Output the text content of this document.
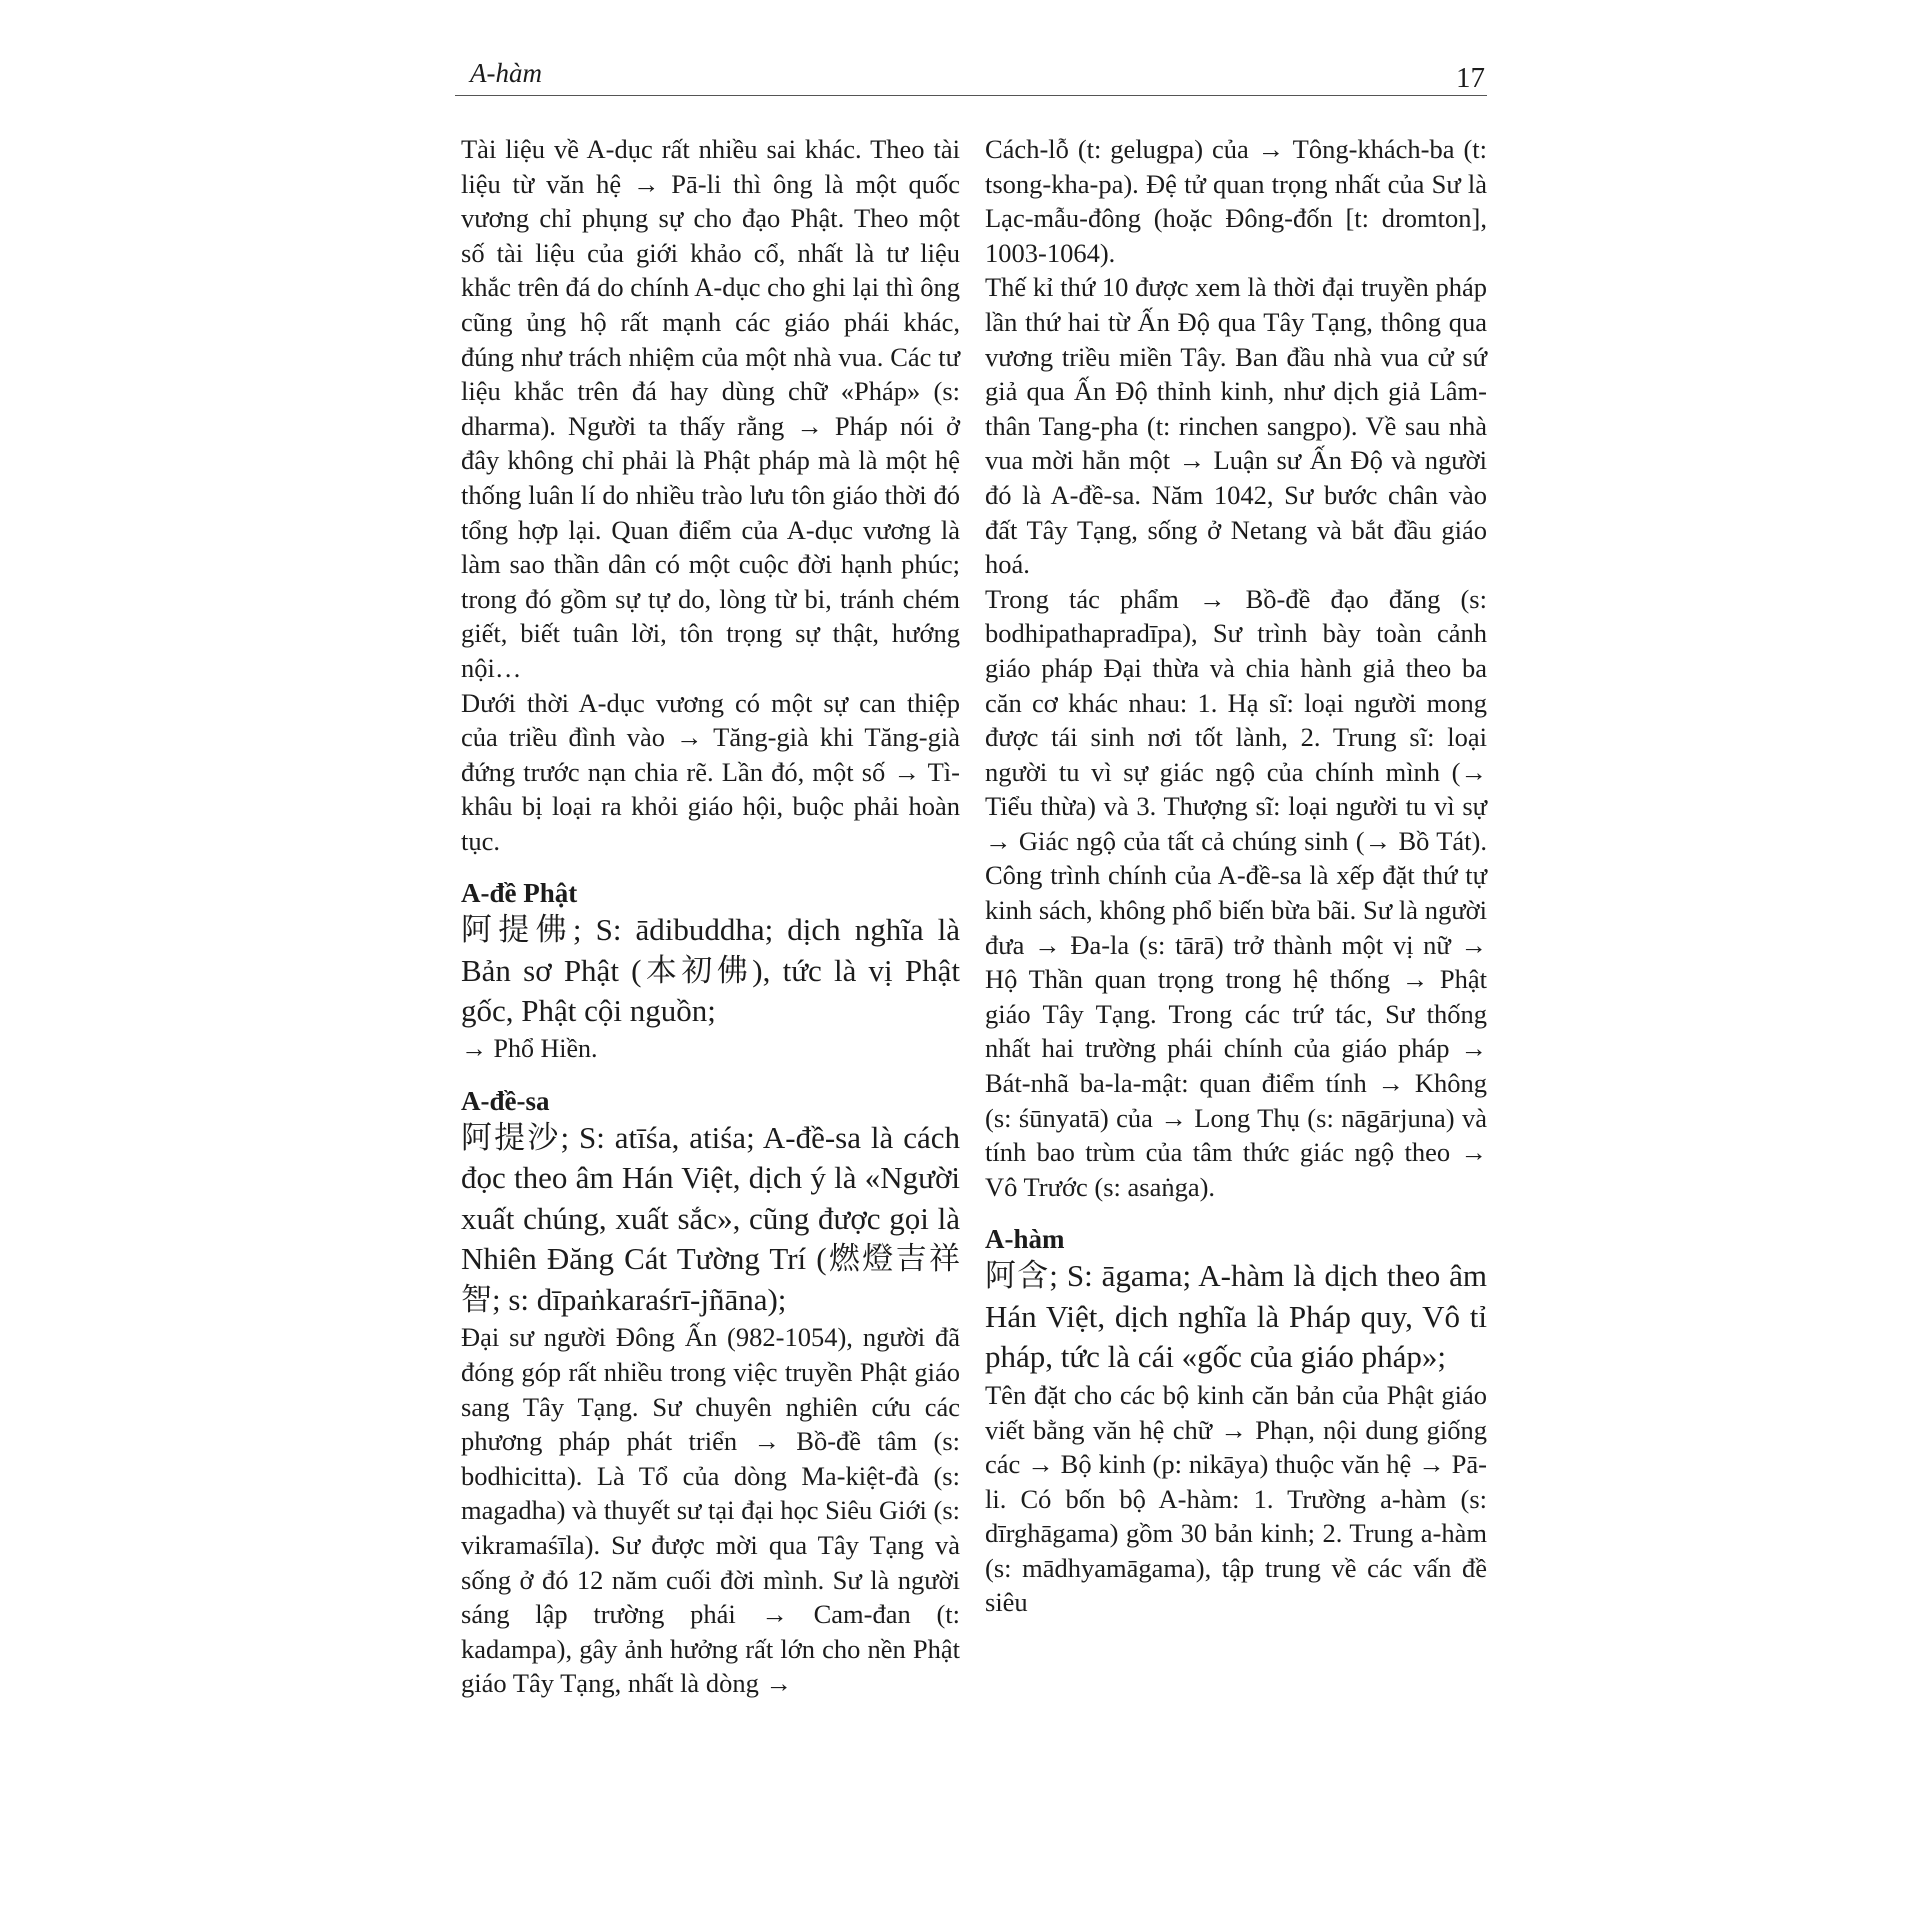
A-hàm	17

Tài liệu về A-dục rất nhiều sai khác. Theo tài liệu từ văn hệ → Pā-li thì ông là một quốc vương chỉ phụng sự cho đạo Phật. Theo một số tài liệu của giới khảo cổ, nhất là tư liệu khắc trên đá do chính A-dục cho ghi lại thì ông cũng ủng hộ rất mạnh các giáo phái khác, đúng như trách nhiệm của một nhà vua. Các tư liệu khắc trên đá hay dùng chữ «Pháp» (s: dharma). Người ta thấy rằng → Pháp nói ở đây không chỉ phải là Phật pháp mà là một hệ thống luân lí do nhiều trào lưu tôn giáo thời đó tổng hợp lại. Quan điểm của A-dục vương là làm sao thần dân có một cuộc đời hạnh phúc; trong đó gồm sự tự do, lòng từ bi, tránh chém giết, biết tuân lời, tôn trọng sự thật, hướng nội…

Dưới thời A-dục vương có một sự can thiệp của triều đình vào → Tăng-già khi Tăng-già đứng trước nạn chia rẽ. Lần đó, một số → Tì-khâu bị loại ra khỏi giáo hội, buộc phải hoàn tục.

A-đề Phật
阿提佛; S: ādibuddha; dịch nghĩa là Bản sơ Phật (本初佛), tức là vị Phật gốc, Phật cội nguồn;
→ Phổ Hiền.
A-đề-sa
阿提沙; S: atīśa, atiśa; A-đề-sa là cách đọc theo âm Hán Việt, dịch ý là «Người xuất chúng, xuất sắc», cũng được gọi là Nhiên Đăng Cát Tường Trí (燃燈吉祥智; s: dīpaṅkaraśrī-jñāna);

Đại sư người Đông Ấn (982-1054), người đã đóng góp rất nhiều trong việc truyền Phật giáo sang Tây Tạng. Sư chuyên nghiên cứu các phương pháp phát triển → Bồ-đề tâm (s: bodhicitta). Là Tổ của dòng Ma-kiệt-đà (s: magadha) và thuyết sư tại đại học Siêu Giới (s: vikramaśīla). Sư được mời qua Tây Tạng và sống ở đó 12 năm cuối đời mình. Sư là người sáng lập trường phái → Cam-đan (t: kadampa), gây ảnh hưởng rất lớn cho nền Phật giáo Tây Tạng, nhất là dòng →

Cách-lỗ (t: gelugpa) của → Tông-khách-ba (t: tsong-kha-pa). Đệ tử quan trọng nhất của Sư là Lạc-mẫu-đông (hoặc Đông-đốn [t: dromton], 1003-1064).

Thế kỉ thứ 10 được xem là thời đại truyền pháp lần thứ hai từ Ấn Độ qua Tây Tạng, thông qua vương triều miền Tây. Ban đầu nhà vua cử sứ giả qua Ấn Độ thỉnh kinh, như dịch giả Lâm-thân Tang-pha (t: rinchen sangpo). Về sau nhà vua mời hẳn một → Luận sư Ấn Độ và người đó là A-đề-sa. Năm 1042, Sư bước chân vào đất Tây Tạng, sống ở Netang và bắt đầu giáo hoá.

Trong tác phẩm → Bồ-đề đạo đăng (s: bodhipathapradīpa), Sư trình bày toàn cảnh giáo pháp Đại thừa và chia hành giả theo ba căn cơ khác nhau: 1. Hạ sĩ: loại người mong được tái sinh nơi tốt lành, 2. Trung sĩ: loại người tu vì sự giác ngộ của chính mình (→ Tiểu thừa) và 3. Thượng sĩ: loại người tu vì sự → Giác ngộ của tất cả chúng sinh (→ Bồ Tát). Công trình chính của A-đề-sa là xếp đặt thứ tự kinh sách, không phổ biến bừa bãi. Sư là người đưa → Đa-la (s: tārā) trở thành một vị nữ → Hộ Thần quan trọng trong hệ thống → Phật giáo Tây Tạng. Trong các trứ tác, Sư thống nhất hai trường phái chính của giáo pháp → Bát-nhã ba-la-mật: quan điểm tính → Không (s: śūnyatā) của → Long Thụ (s: nāgārjuna) và tính bao trùm của tâm thức giác ngộ theo → Vô Trước (s: asaṅga).

A-hàm
阿含; S: āgama; A-hàm là dịch theo âm Hán Việt, dịch nghĩa là Pháp quy, Vô tỉ pháp, tức là cái «gốc của giáo pháp»;

Tên đặt cho các bộ kinh căn bản của Phật giáo viết bằng văn hệ chữ → Phạn, nội dung giống các → Bộ kinh (p: nikāya) thuộc văn hệ → Pā-li. Có bốn bộ A-hàm: 1. Trường a-hàm (s: dīrghāgama) gồm 30 bản kinh; 2. Trung a-hàm (s: mādhyamāgama), tập trung về các vấn đề siêu
